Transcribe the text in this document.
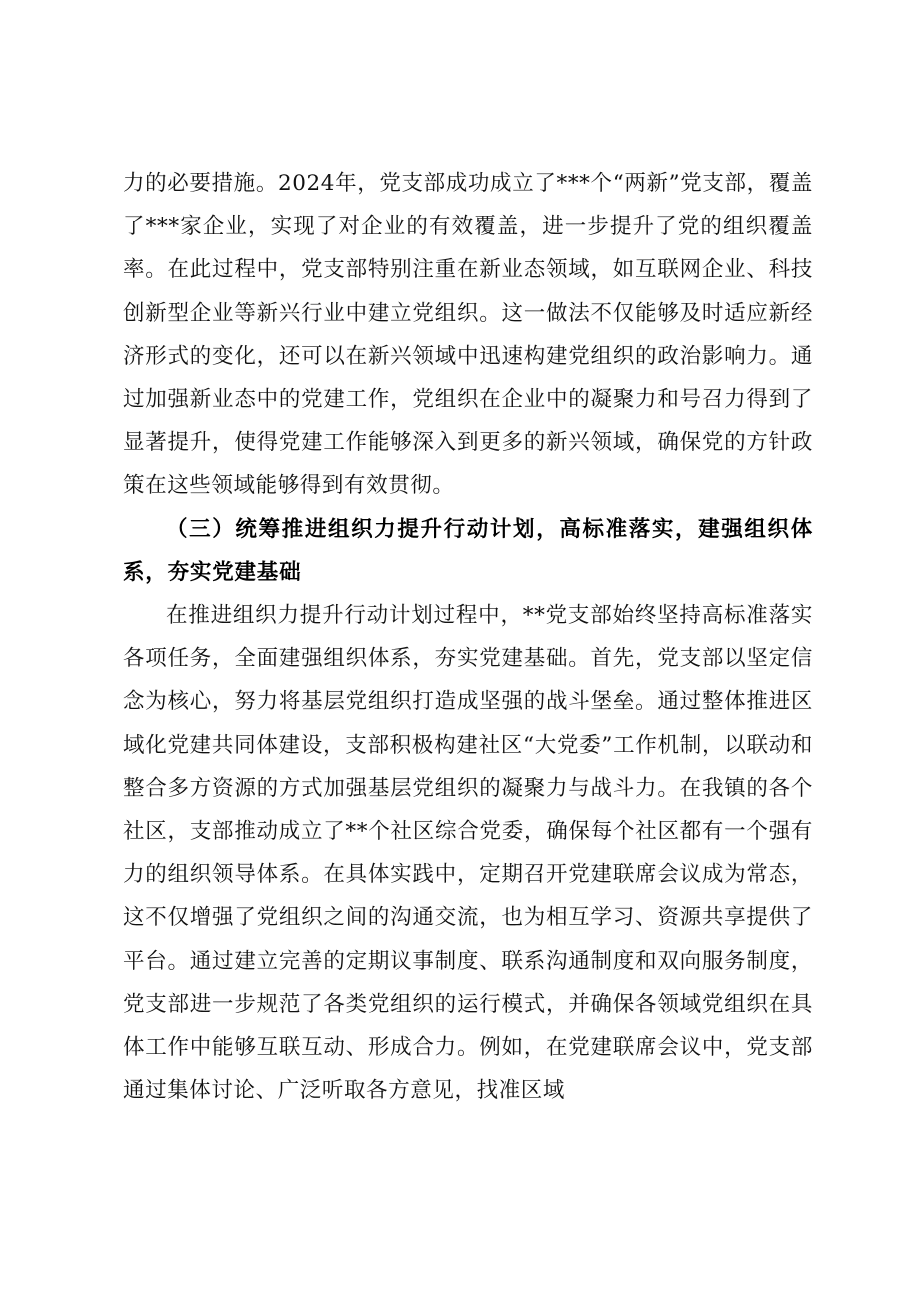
力的必要措施。2024年，党支部成功成立了***个“两新”党支部，覆盖了***家企业，实现了对企业的有效覆盖，进一步提升了党的组织覆盖率。在此过程中，党支部特别注重在新业态领域，如互联网企业、科技创新型企业等新兴行业中建立党组织。这一做法不仅能够及时适应新经济形式的变化，还可以在新兴领域中迅速构建党组织的政治影响力。通过加强新业态中的党建工作，党组织在企业中的凝聚力和号召力得到了显著提升，使得党建工作能够深入到更多的新兴领域，确保党的方针政策在这些领域能够得到有效贯彻。

（三）统筹推进组织力提升行动计划，高标准落实，建强组织体系，夯实党建基础

在推进组织力提升行动计划过程中，**党支部始终坚持高标准落实各项任务，全面建强组织体系，夯实党建基础。首先，党支部以坚定信念为核心，努力将基层党组织打造成坚强的战斗堡垒。通过整体推进区域化党建共同体建设，支部积极构建社区“大党委”工作机制，以联动和整合多方资源的方式加强基层党组织的凝聚力与战斗力。在我镇的各个社区，支部推动成立了**个社区综合党委，确保每个社区都有一个强有力的组织领导体系。在具体实践中，定期召开党建联席会议成为常态，这不仅增强了党组织之间的沟通交流，也为相互学习、资源共享提供了平台。通过建立完善的定期议事制度、联系沟通制度和双向服务制度，党支部进一步规范了各类党组织的运行模式，并确保各领域党组织在具体工作中能够互联互动、形成合力。例如，在党建联席会议中，党支部通过集体讨论、广泛听取各方意见，找准区域
